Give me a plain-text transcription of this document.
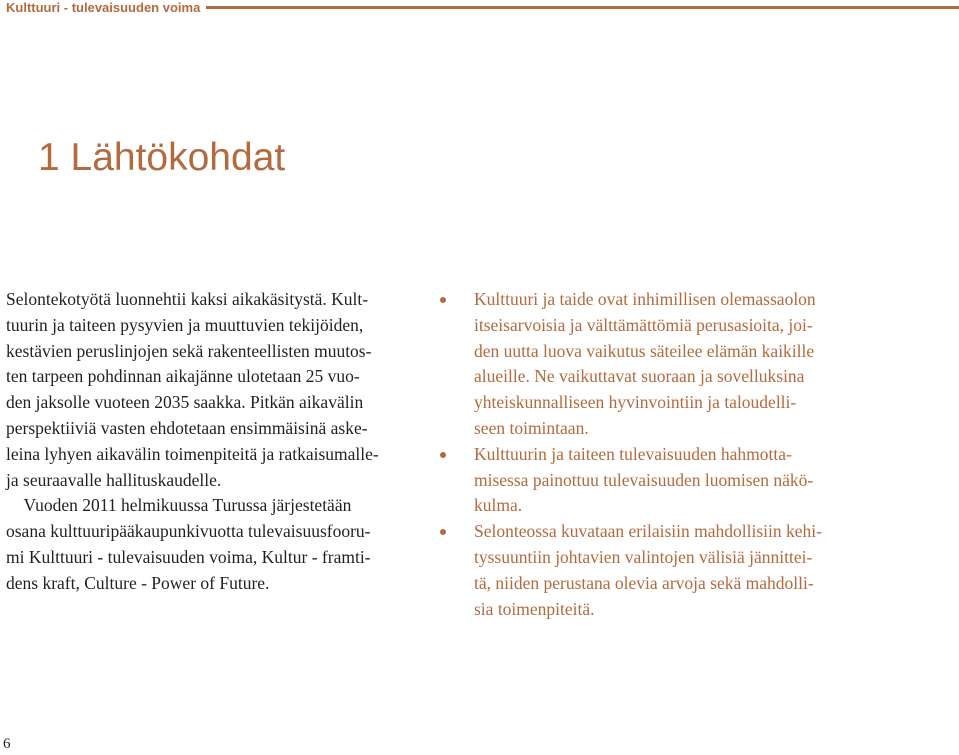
Kulttuuri - tulevaisuuden voima
1 Lähtökohdat
Selontekotyötä luonnehtii kaksi aikakäsitystä. Kult-
tuurin ja taiteen pysyvien ja muuttuvien tekijöiden,
kestävien peruslinjojen sekä rakenteellisten muutos-
ten tarpeen pohdinnan aikajänne ulotetaan 25 vuo-
den jaksolle vuoteen 2035 saakka. Pitkän aikavälin
perspektiiviä vasten ehdotetaan ensimmäisinä aske-
leina lyhyen aikavälin toimenpiteitä ja ratkaisumalle-
ja seuraavalle hallituskaudelle.
Vuoden 2011 helmikuussa Turussa järjestetään
osana kulttuuripääkaupunkivuotta tulevaisuusfooru-
mi Kulttuuri - tulevaisuuden voima, Kultur - framti-
dens kraft, Culture - Power of Future.
Kulttuuri ja taide ovat inhimillisen olemassaolon
itseisarvoisia ja välttämättömiä perusasioita, joi-
den uutta luova vaikutus säteilee elämän kaikille
alueille. Ne vaikuttavat suoraan ja sovelluksina
yhteiskunnalliseen hyvinvointiin ja taloudelli-
seen toimintaan.
Kulttuurin ja taiteen tulevaisuuden hahmotta-
misessa painottuu tulevaisuuden luomisen näkö-
kulma.
Selonteossa kuvataan erilaisiin mahdollisiin kehi-
tyssuuntiin johtavien valintojen välisiä jännittei-
tä, niiden perustana olevia arvoja sekä mahdolli-
sia toimenpiteitä.
6
